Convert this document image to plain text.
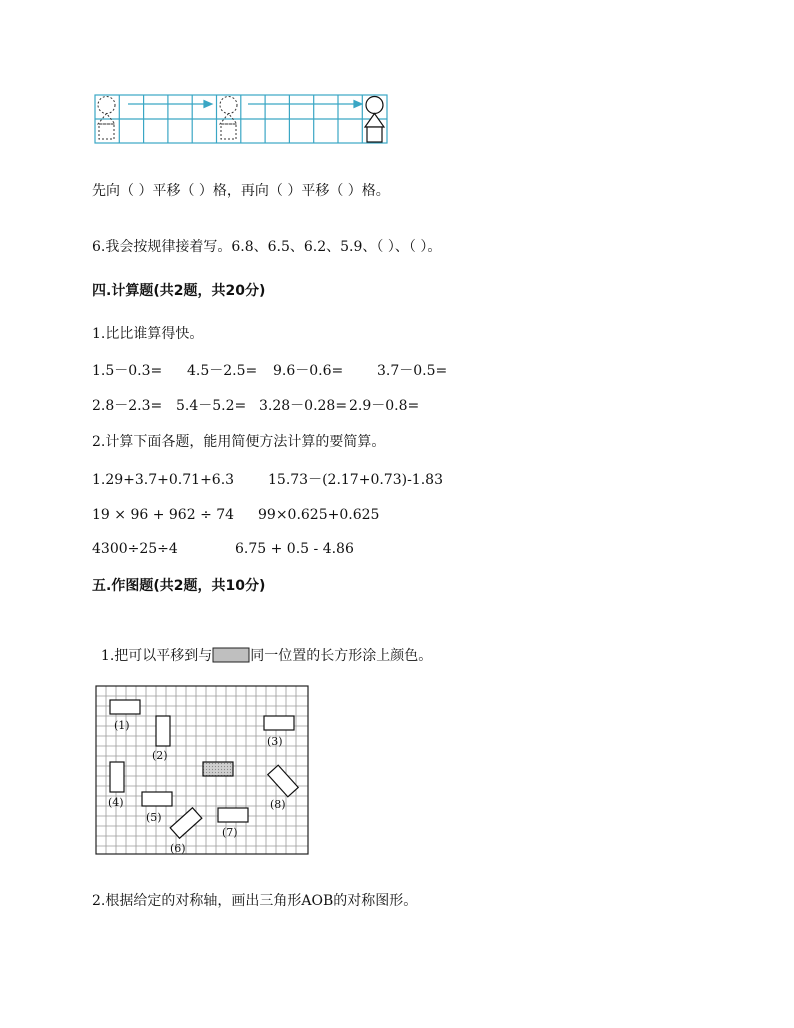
先向（ ）平移（ ）格，再向（ ）平移（ ）格。
6.我会按规律接着写。6.8、6.5、6.2、5.9、（ ）、（ ）。
四.计算题(共2题，共20分)
1.比比谁算得快。
1.5－0.3= 4.5－2.5= 9.6－0.6= 3.7－0.5=
2.8－2.3= 5.4－5.2= 3.28－0.28= 2.9－0.8=
2.计算下面各题，能用简便方法计算的要简算。
1.29+3.7+0.71+6.3 15.73－(2.17+0.73)-1.83
19 × 96 + 962 ÷ 74 99×0.625+0.625
4300÷25÷4	6.75 + 0.5 - 4.86
五.作图题(共2题，共10分)

1.把可以平移到与	同一位置的长方形涂上颜色。

(1)
(2)
(3)
(4)
(5)
(6)
(7)
(8)
2.根据给定的对称轴，画出三角形AOB的对称图形。
